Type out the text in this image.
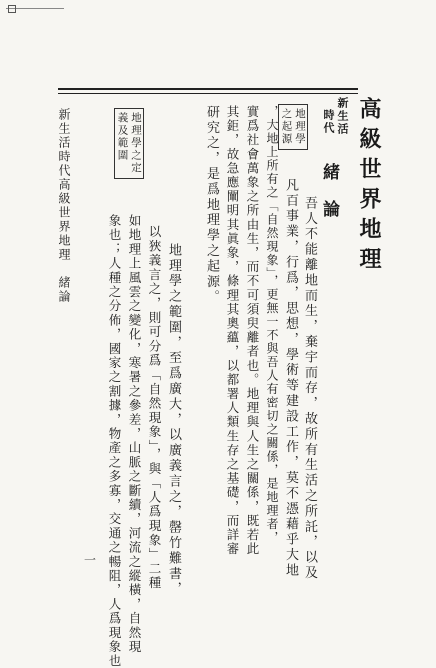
新生活
時代 高級世界地理
緒論
地理學
之起源
地理學之定
義及範圍
吾人不能離地而生，棄宇而存，故所有生活之所託，以及
凡百事業，行爲，思想，學術等建設工作，莫不憑藉乎大地
，大地上所有之「自然現象」，更無一不與吾人有密切之關係，是地理者，
實爲社會萬象之所由生，而不可須臾離者也。地理與人生之關係，既若此
其鉅，故急應闡明其眞象，條理其奧蘊，以都署人類生存之基礎，而詳審
研究之，是爲地理學之起源。
地理學之範圍，至爲廣大，以廣義言之，罄竹難書，
以狹義言之，則可分爲「自然現象」，與「人爲現象」二種
如地理上風雲之變化，寒暑之參差，山脈之斷續，河流之縱橫，自然現
象也；人種之分佈，國家之割據，物產之多寡，交通之暢阻，人爲現象也
新生活時代高級世界地理　緒論
一
